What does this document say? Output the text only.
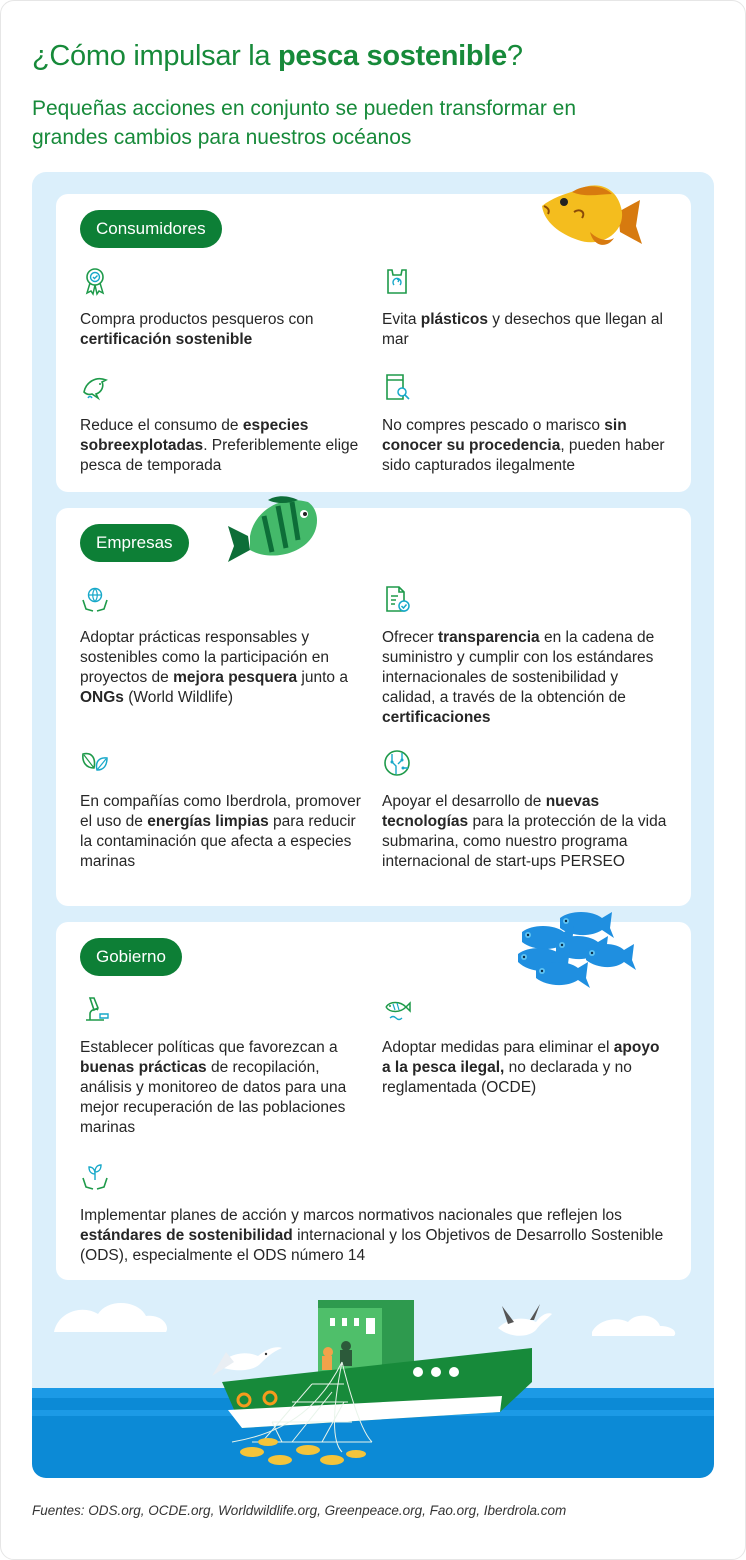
¿Cómo impulsar la pesca sostenible?

Pequeñas acciones en conjunto se pueden transformar en grandes cambios para nuestros océanos

Consumidores

Compra productos pesqueros con certificación sostenible

Evita plásticos y desechos que llegan al mar

Reduce el consumo de especies sobreexplotadas. Preferiblemente elige pesca de temporada

No compres pescado o marisco sin conocer su procedencia, pueden haber sido capturados ilegalmente

Empresas

Adoptar prácticas responsables y sostenibles como la participación en proyectos de mejora pesquera junto a ONGs (World Wildlife)

Ofrecer transparencia en la cadena de suministro y cumplir con los estándares internacionales de sostenibilidad y calidad, a través de la obtención de certificaciones

En compañías como Iberdrola, promover el uso de energías limpias para reducir la contaminación que afecta a especies marinas

Apoyar el desarrollo de nuevas tecnologías para la protección de la vida submarina, como nuestro programa internacional de start-ups PERSEO

Gobierno

Establecer políticas que favorezcan a buenas prácticas de recopilación, análisis y monitoreo de datos para una mejor recuperación de las poblaciones marinas

Adoptar medidas para eliminar el apoyo a la pesca ilegal, no declarada y no reglamentada (OCDE)

Implementar planes de acción y marcos normativos nacionales que reflejen los estándares de sostenibilidad internacional y los Objetivos de Desarrollo Sostenible (ODS), especialmente el ODS número 14

Fuentes: ODS.org, OCDE.org, Worldwildlife.org, Greenpeace.org, Fao.org, Iberdrola.com
